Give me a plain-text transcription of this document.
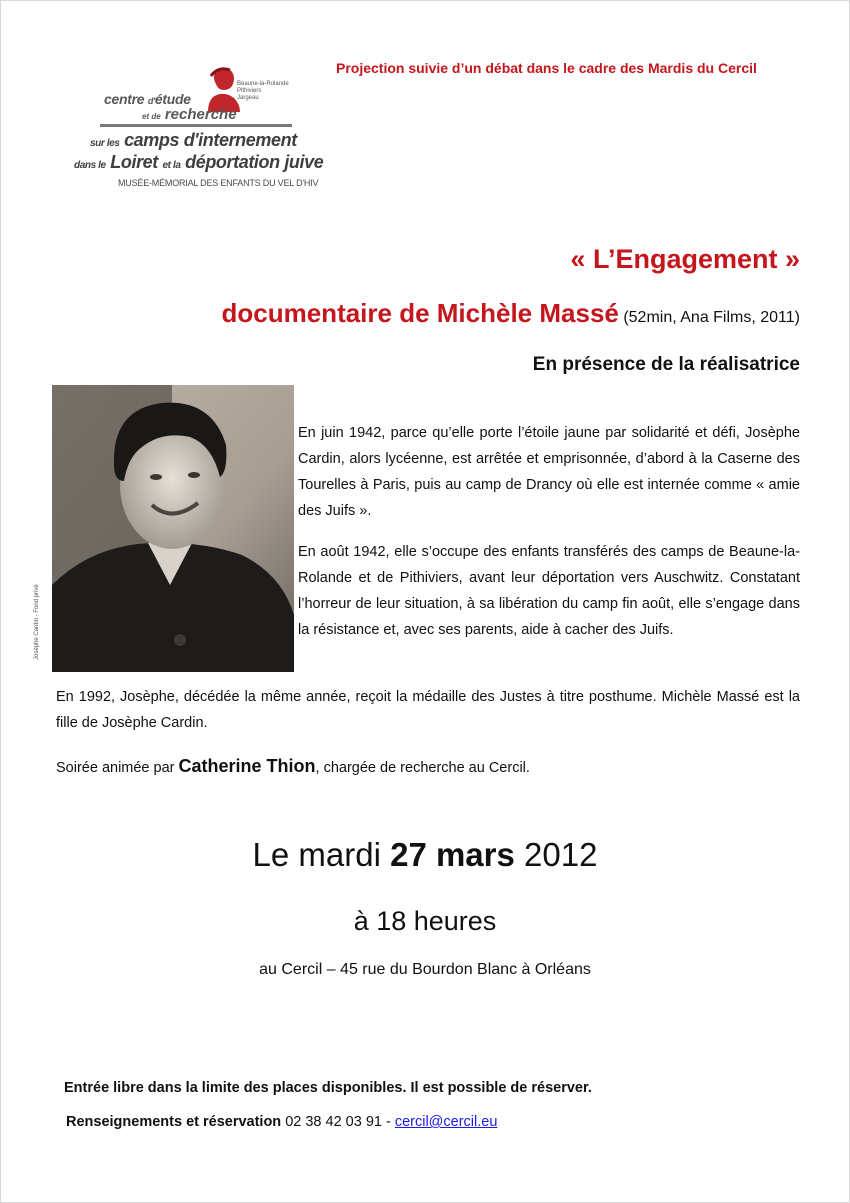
Projection suivie d’un débat dans le cadre des Mardis du Cercil
Beaune-la-Rolande
Pithiviers
Jargeau
centre d'étude
et de recherche
sur les camps d'internement
dans le Loiret et la déportation juive
MUSÉE-MÉMORIAL DES ENFANTS DU VEL D'HIV
« L’Engagement »
documentaire de Michèle Massé (52min, Ana Films, 2011)
En présence de la réalisatrice
Josèphe Cardin - Fond privé
En juin 1942, parce qu’elle porte l’étoile jaune par solidarité et défi, Josèphe Cardin, alors lycéenne, est arrêtée et emprisonnée, d’abord à la Caserne des Tourelles à Paris, puis au camp de Drancy où elle est internée comme « amie des Juifs ».
En août 1942, elle s’occupe des enfants transférés des camps de Beaune-la-Rolande et de Pithiviers, avant leur déportation vers Auschwitz. Constatant l’horreur de leur situation, à sa libération du camp fin août, elle s’engage dans la résistance et, avec ses parents, aide à cacher des Juifs.
En 1992, Josèphe, décédée la même année, reçoit la médaille des Justes à titre posthume. Michèle Massé est la fille de Josèphe Cardin.
Soirée animée par Catherine Thion, chargée de recherche au Cercil.
Le mardi 27 mars 2012
à 18 heures
au Cercil – 45 rue du Bourdon Blanc à Orléans
Entrée libre dans la limite des places disponibles. Il est possible de réserver.
Renseignements et réservation 02 38 42 03 91 - cercil@cercil.eu
